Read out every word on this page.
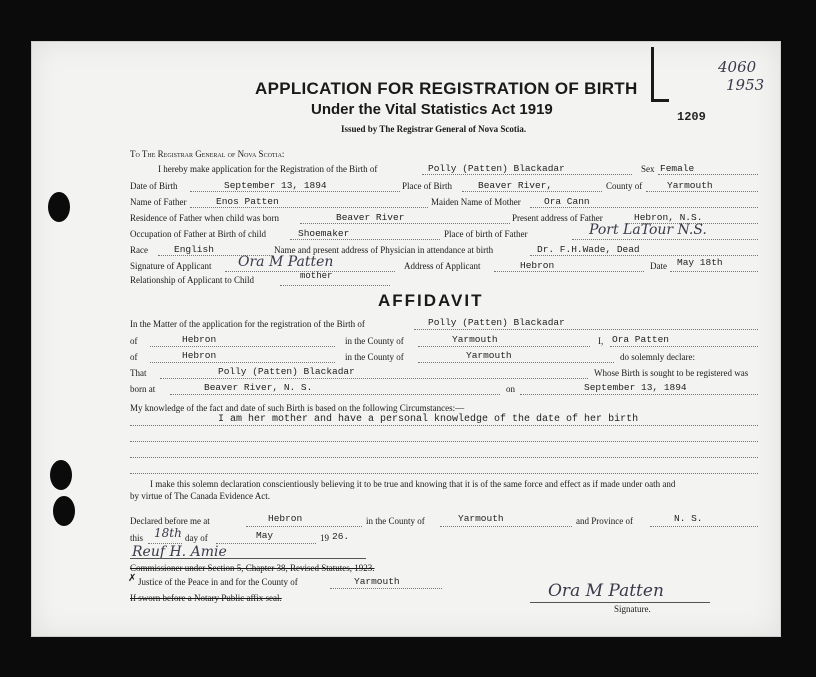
APPLICATION FOR REGISTRATION OF BIRTH
Under the Vital Statistics Act 1919
Issued by The Registrar General of Nova Scotia.
1209
4060
1953
To The Registrar General of Nova Scotia:
I hereby make application for the Registration of the Birth of	Polly (Patten) Blackadar	Sex Female
Date of Birth	September 13, 1894	Place of Birth	Beaver River,	County of	Yarmouth
Name of Father	Enos Patten	Maiden Name of Mother Ora Cann
Residence of Father when child was born	Beaver River	Present address of Father	Hebron, N.S.
Occupation of Father at Birth of child	Shoemaker	Place of birth of Father	Port LaTour N.S.
Race	English	Name and present address of Physician in attendance at birth	Dr. F.H.Wade, Dead
Signature of Applicant Ora M Patten	Address of Applicant	Hebron	Date May 18th
Relationship of Applicant to Child	mother
AFFIDAVIT
In the Matter of the application for the registration of the Birth of	Polly (Patten) Blackadar
of	Hebron	in the County of	Yarmouth	I, Ora Patten
of	Hebron	in the County of	Yarmouth	do solemnly declare:
That	Polly (Patten) Blackadar	Whose Birth is sought to be registered was
born at	Beaver River, N. S.	on	September 13, 1894
My knowledge of the fact and date of such Birth is based on the following Circumstances:—
I am her mother and have a personal knowledge of the date of her birth
I make this solemn declaration conscientiously believing it to be true and knowing that it is of the same force and effect as if made under oath and
by virtue of The Canada Evidence Act.
Declared before me at	Hebron	in the County of	Yarmouth	and Province of	N. S.
this 18th day of	May	19 26.
Reuf H. Amie
Commissioner under Section 5, Chapter 38, Revised Statutes, 1923.
✗ Justice of the Peace in and for the County of	Yarmouth
If sworn before a Notary Public affix seal.	Ora M Patten
Signature.
